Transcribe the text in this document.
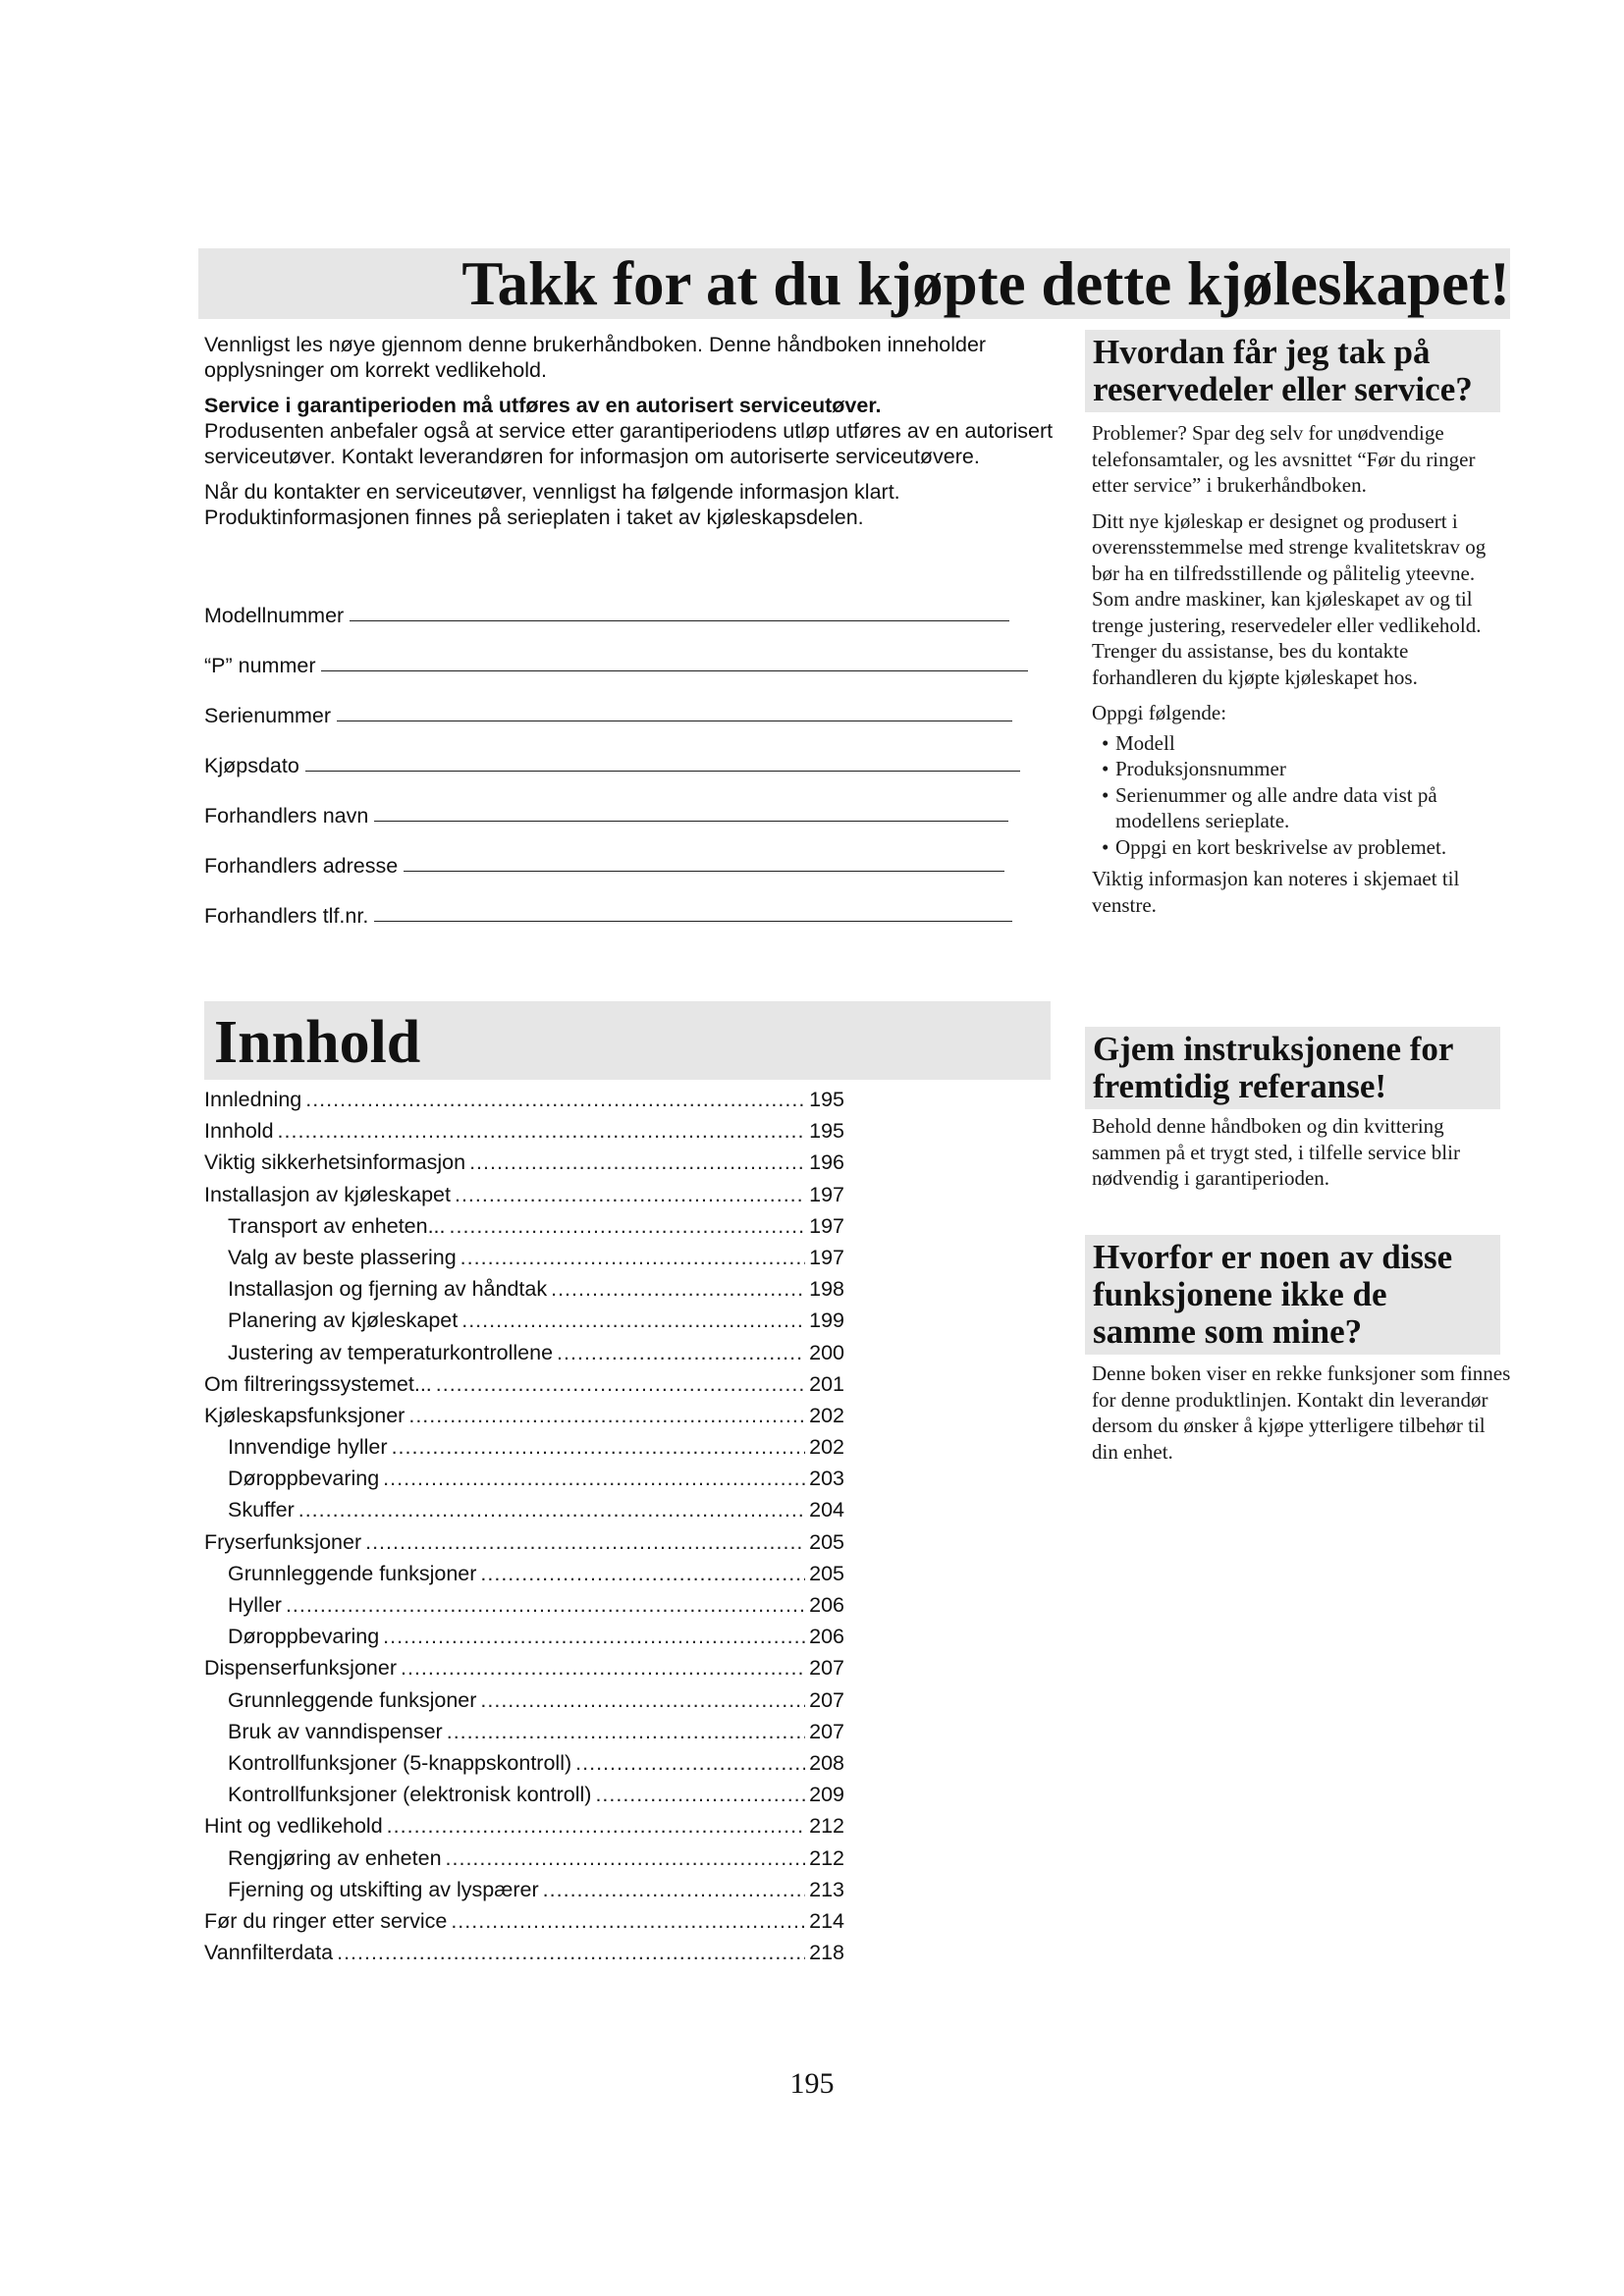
Takk for at du kjøpte dette kjøleskapet!

Vennligst les nøye gjennom denne brukerhåndboken. Denne håndboken inneholder opplysninger om korrekt vedlikehold.

Service i garantiperioden må utføres av en autorisert serviceutøver.
Produsenten anbefaler også at service etter garantiperiodens utløp utføres av en autorisert serviceutøver. Kontakt leverandøren for informasjon om autoriserte serviceutøvere.

Når du kontakter en serviceutøver, vennligst ha følgende informasjon klart. Produktinformasjonen finnes på serieplaten i taket av kjøleskapsdelen.

Modellnummer
“P” nummer
Serienummer
Kjøpsdato
Forhandlers navn
Forhandlers adresse
Forhandlers tlf.nr.
Innhold
Innledning .....	195
Innhold .....	195
Viktig sikkerhetsinformasjon .....	196
Installasjon av kjøleskapet .....	197
Transport av enheten... .....	197
Valg av beste plassering .....	197
Installasjon og fjerning av håndtak .....	198
Planering av kjøleskapet .....	199
Justering av temperaturkontrollene .....	200
Om filtreringssystemet... .....	201
Kjøleskapsfunksjoner .....	202
Innvendige hyller .....	202
Døroppbevaring .....	203
Skuffer .....	204
Fryserfunksjoner .....	205
Grunnleggende funksjoner .....	205
Hyller .....	206
Døroppbevaring .....	206
Dispenserfunksjoner .....	207
Grunnleggende funksjoner .....	207
Bruk av vanndispenser .....	207
Kontrollfunksjoner (5-knappskontroll) .....	208
Kontrollfunksjoner (elektronisk kontroll) .....	209
Hint og vedlikehold .....	212
Rengjøring av enheten .....	212
Fjerning og utskifting av lyspærer .....	213
Før du ringer etter service .....	214
Vannfilterdata .....	218
Hvordan får jeg tak på reservedeler eller service?

Problemer? Spar deg selv for unødvendige telefonsamtaler, og les avsnittet “Før du ringer etter service” i brukerhåndboken.

Ditt nye kjøleskap er designet og produsert i overensstemmelse med strenge kvalitetskrav og bør ha en tilfredsstillende og pålitelig yteevne. Som andre maskiner, kan kjøleskapet av og til trenge justering, reservedeler eller vedlikehold. Trenger du assistanse, bes du kontakte forhandleren du kjøpte kjøleskapet hos.

Oppgi følgende:

• Modell
• Produksjonsnummer
• Serienummer og alle andre data vist på modellens serieplate.
• Oppgi en kort beskrivelse av problemet.

Viktig informasjon kan noteres i skjemaet til venstre.

Gjem instruksjonene for fremtidig referanse!

Behold denne håndboken og din kvittering sammen på et trygt sted, i tilfelle service blir nødvendig i garantiperioden.

Hvorfor er noen av disse funksjonene ikke de samme som mine?

Denne boken viser en rekke funksjoner som finnes for denne produktlinjen. Kontakt din leverandør dersom du ønsker å kjøpe ytterligere tilbehør til din enhet.

195
